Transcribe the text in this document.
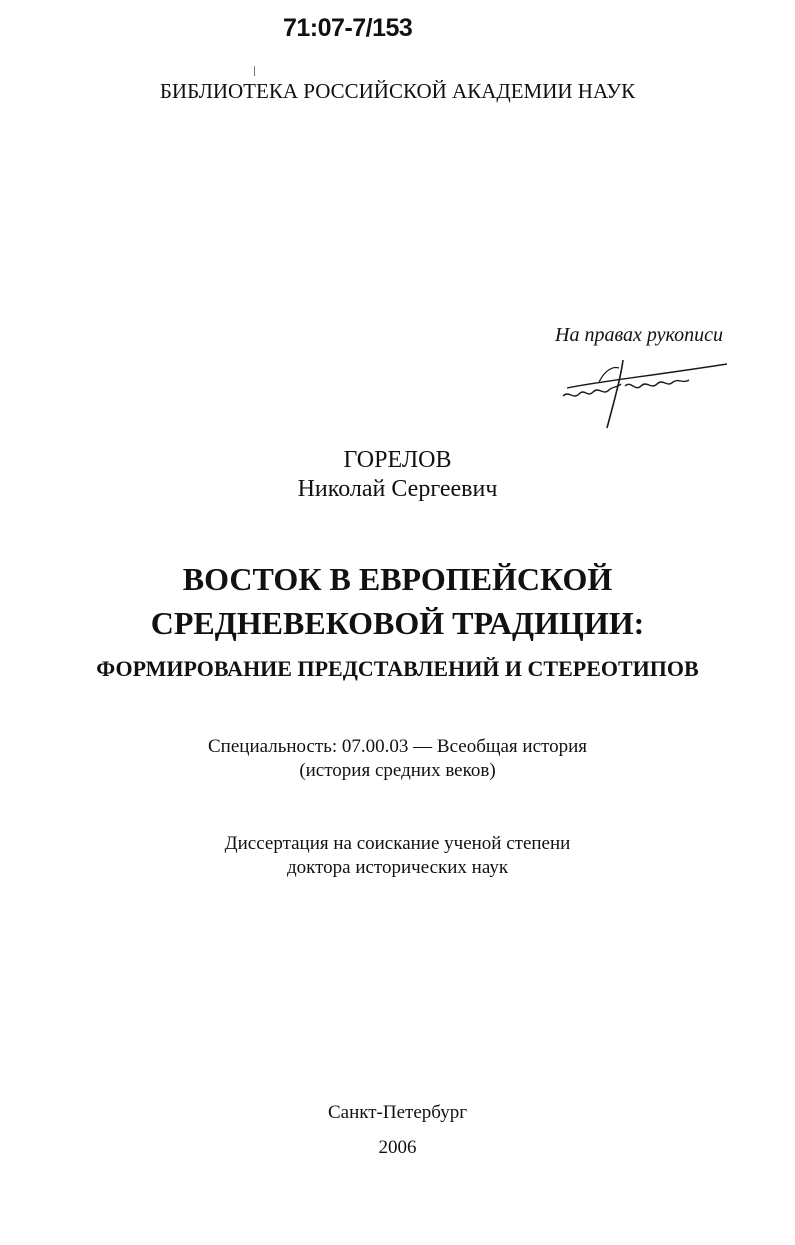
71:07-7/153
БИБЛИОТЕКА РОССИЙСКОЙ АКАДЕМИИ НАУК
На правах рукописи
ГОРЕЛОВ
Николай Сергеевич
ВОСТОК В ЕВРОПЕЙСКОЙ
СРЕДНЕВЕКОВОЙ ТРАДИЦИИ:
ФОРМИРОВАНИЕ ПРЕДСТАВЛЕНИЙ И СТЕРЕОТИПОВ
Специальность: 07.00.03 — Всеобщая история
(история средних веков)
Диссертация на соискание ученой степени
доктора исторических наук
Санкт-Петербург
2006
